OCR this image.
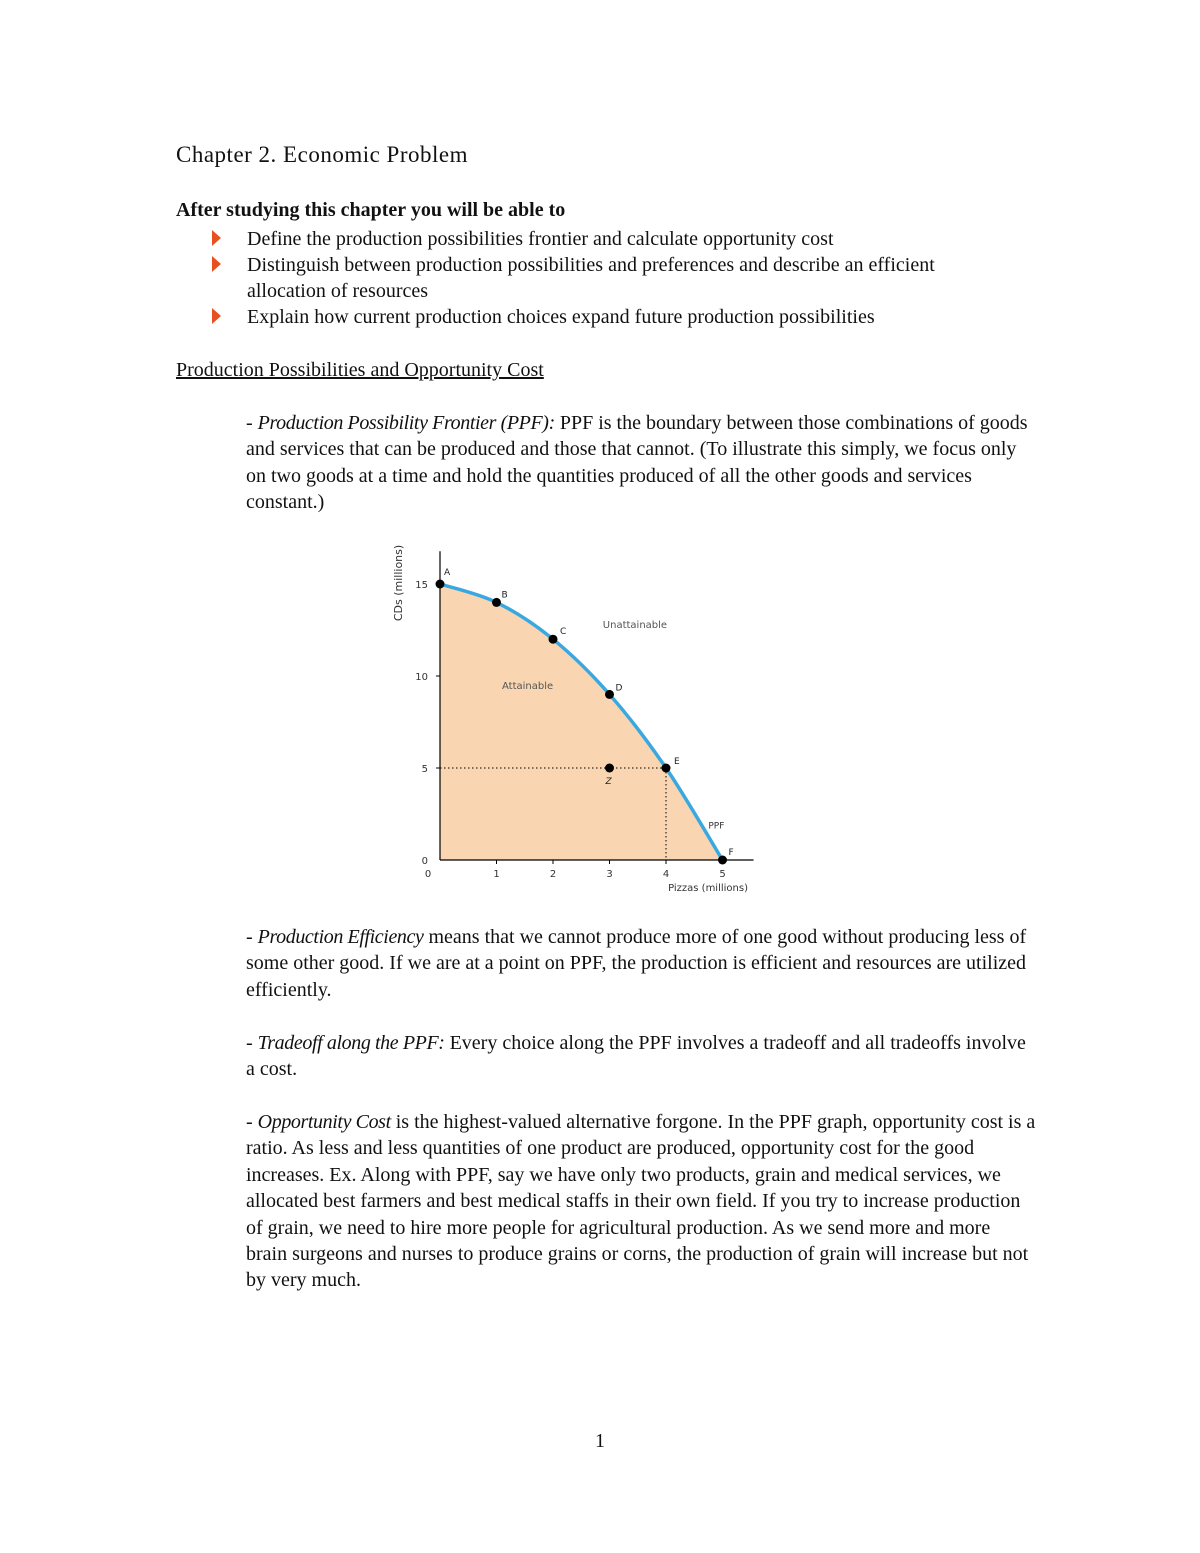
Chapter 2. Economic Problem

After studying this chapter you will be able to

Define the production possibilities frontier and calculate opportunity cost
Distinguish between production possibilities and preferences and describe an efficient allocation of resources
Explain how current production choices expand future production possibilities
Production Possibilities and Opportunity Cost

- Production Possibility Frontier (PPF): PPF is the boundary between those combinations of goods and services that can be produced and those that cannot. (To illustrate this simply, we focus only on two goods at a time and hold the quantities produced of all the other goods and services constant.)

0
5
10
15
0	1	2	3	4	5
A
B
C
D
E
F
Z
CDs (millions)
Pizzas (millions)
Attainable
Unattainable
PPF

- Production Efficiency means that we cannot produce more of one good without producing less of some other good. If we are at a point on PPF, the production is efficient and resources are utilized efficiently.

- Tradeoff along the PPF: Every choice along the PPF involves a tradeoff and all tradeoffs involve a cost.

- Opportunity Cost is the highest-valued alternative forgone. In the PPF graph, opportunity cost is a ratio. As less and less quantities of one product are produced, opportunity cost for the good increases. Ex. Along with PPF, say we have only two products, grain and medical services, we allocated best farmers and best medical staffs in their own field. If you try to increase production of grain, we need to hire more people for agricultural production. As we send more and more brain surgeons and nurses to produce grains or corns, the production of grain will increase but not by very much.

1
